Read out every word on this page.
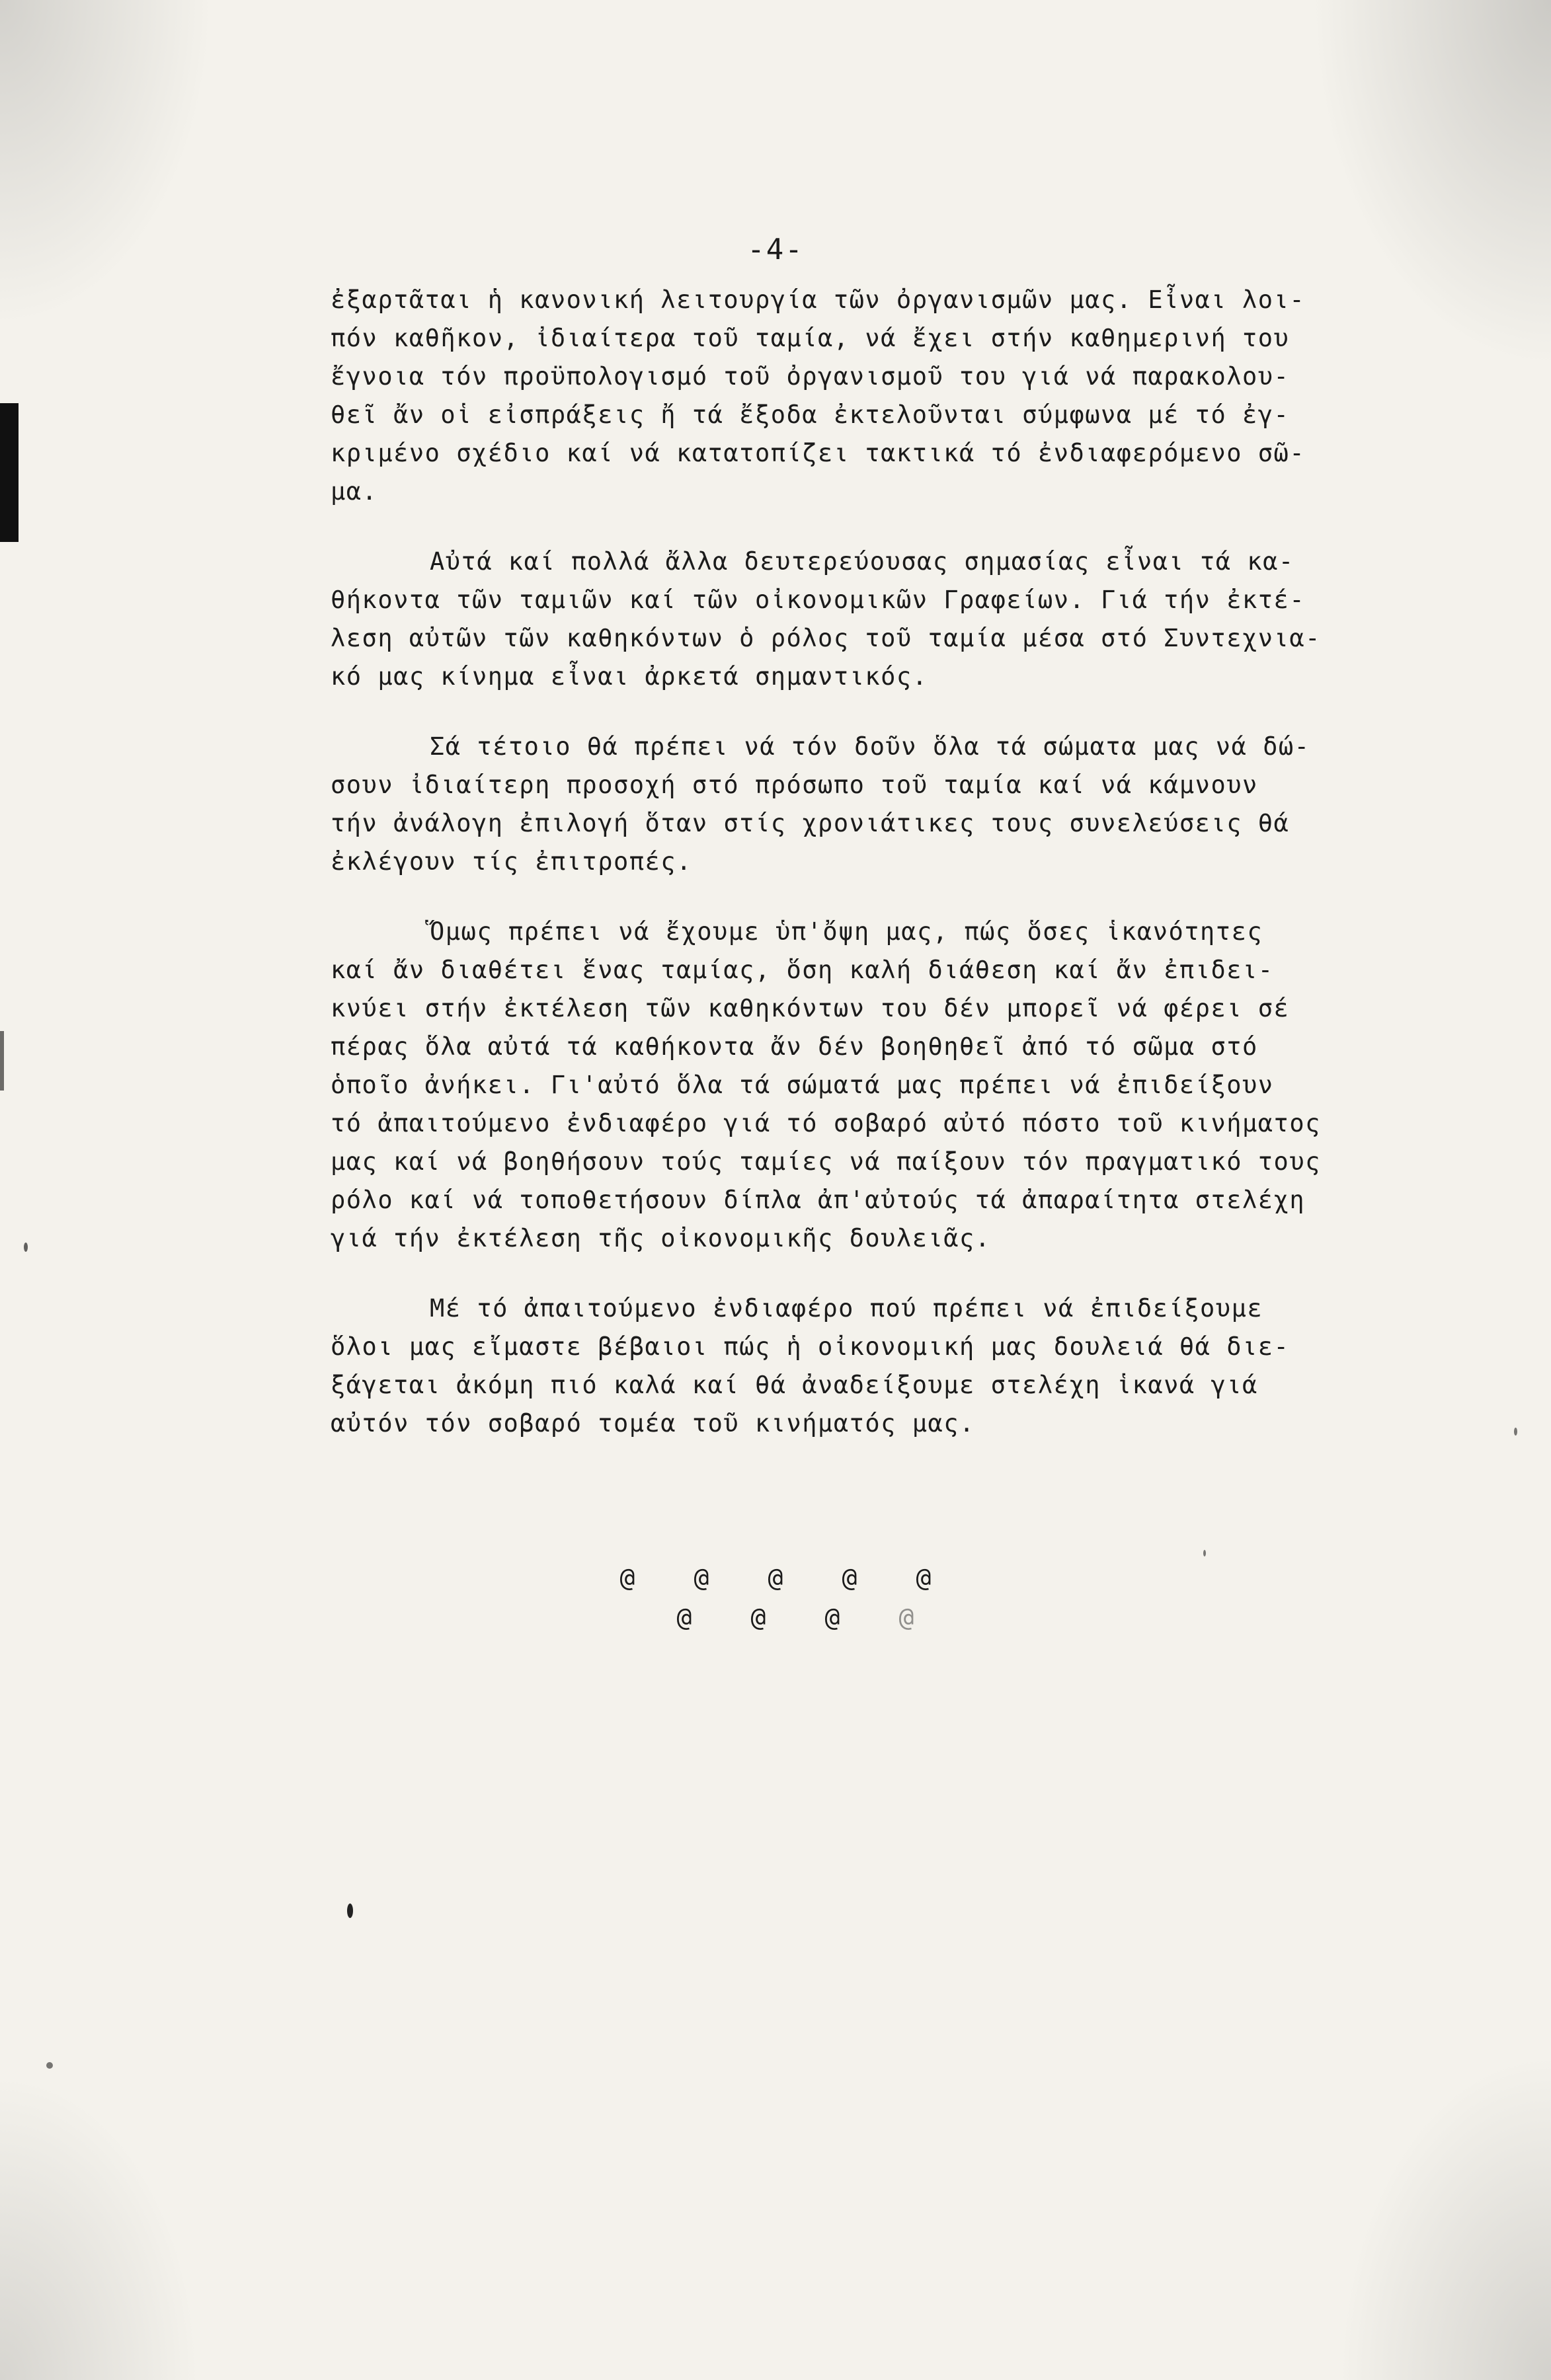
-4-
ἐξαρτᾶται ἡ κανονική λειτουργία τῶν ὀργανισμῶν μας. Εἶναι λοι-
πόν καθῆκον, ἰδιαίτερα τοῦ ταμία, νά ἔχει στήν καθημερινή του
ἔγνοια τόν προϋπολογισμό τοῦ ὀργανισμοῦ του γιά νά παρακολου-
θεῖ ἄν οἱ εἰσπράξεις ἤ τά ἔξοδα ἐκτελοῦνται σύμφωνα μέ τό ἐγ-
κριμένο σχέδιο καί νά κατατοπίζει τακτικά τό ἐνδιαφερόμενο σῶ-
μα.
Αὐτά καί πολλά ἄλλα δευτερεύουσας σημασίας εἶναι τά κα-
θήκοντα τῶν ταμιῶν καί τῶν οἰκονομικῶν Γραφείων. Γιά τήν ἐκτέ-
λεση αὐτῶν τῶν καθηκόντων ὁ ρόλος τοῦ ταμία μέσα στό Συντεχνια-
κό μας κίνημα εἶναι ἀρκετά σημαντικός.
Σά τέτοιο θά πρέπει νά τόν δοῦν ὅλα τά σώματα μας νά δώ-
σουν ἰδιαίτερη προσοχή στό πρόσωπο τοῦ ταμία καί νά κάμνουν
τήν ἀνάλογη ἐπιλογή ὅταν στίς χρονιάτικες τους συνελεύσεις θά
ἐκλέγουν τίς ἐπιτροπές.
Ὅμως πρέπει νά ἔχουμε ὑπ'ὄψη μας, πώς ὅσες ἱκανότητες
καί ἄν διαθέτει ἕνας ταμίας, ὅση καλή διάθεση καί ἄν ἐπιδει-
κνύει στήν ἐκτέλεση τῶν καθηκόντων του δέν μπορεῖ νά φέρει σέ
πέρας ὅλα αὐτά τά καθήκοντα ἄν δέν βοηθηθεῖ ἀπό τό σῶμα στό
ὁποῖο ἀνήκει. Γι'αὐτό ὅλα τά σώματά μας πρέπει νά ἐπιδείξουν
τό ἀπαιτούμενο ἐνδιαφέρο γιά τό σοβαρό αὐτό πόστο τοῦ κινήματος
μας καί νά βοηθήσουν τούς ταμίες νά παίξουν τόν πραγματικό τους
ρόλο καί νά τοποθετήσουν δίπλα ἀπ'αὐτούς τά ἀπαραίτητα στελέχη
γιά τήν ἐκτέλεση τῆς οἰκονομικῆς δουλειᾶς.
Μέ τό ἀπαιτούμενο ἐνδιαφέρο πού πρέπει νά ἐπιδείξουμε
ὅλοι μας εἴμαστε βέβαιοι πώς ἡ οἰκονομική μας δουλειά θά διε-
ξάγεται ἀκόμη πιό καλά καί θά ἀναδείξουμε στελέχη ἱκανά γιά
αὐτόν τόν σοβαρό τομέα τοῦ κινήματός μας.
@ @ @ @ @
@ @ @ @
